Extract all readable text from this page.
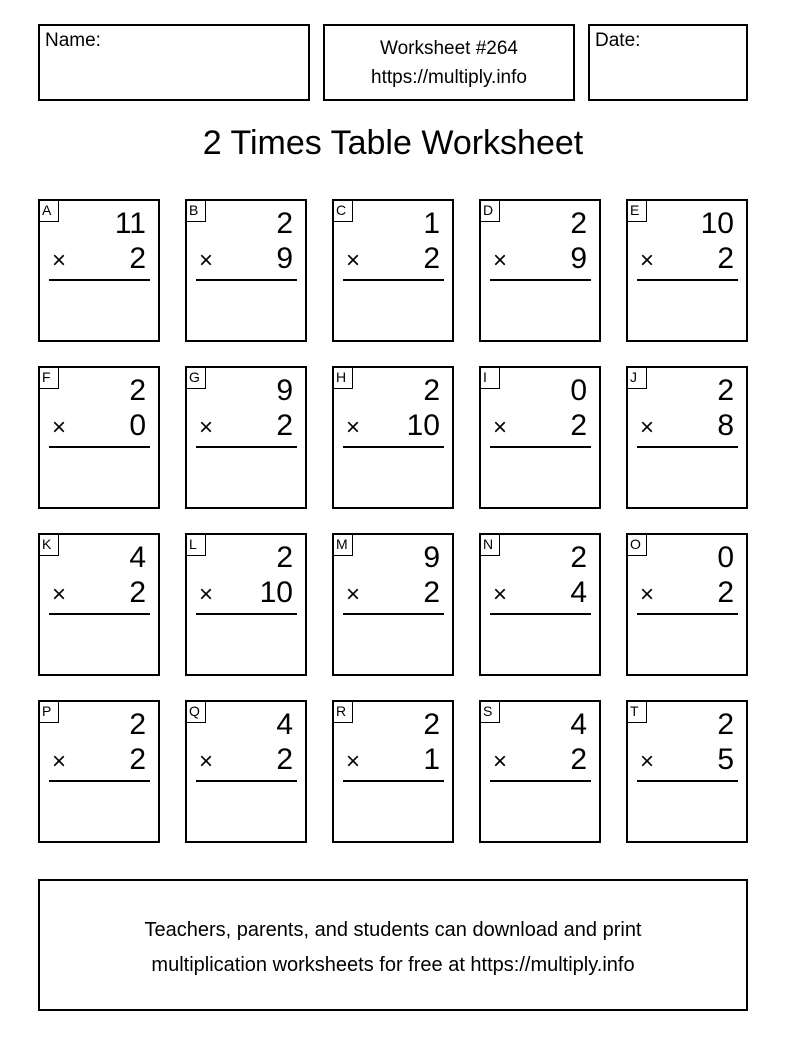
Name:	Worksheet #264
https://multiply.info
Date:
2 Times Table Worksheet
A 11
× 2
B	2
× 9
C	1
× 2
D	2
× 9
E 10
× 2
F	2
× 0
G	9
× 2
H	2
× 10
I	0
× 2
J	2
× 8
K	4
× 2
L	2
× 10
M	9
× 2
N	2
× 4
O	0
× 2
P	2
× 2
Q	4
× 2
R	2
× 1
S	4
× 2
T	2
× 5
Teachers, parents, and students can download and print
multiplication worksheets for free at https://multiply.info
